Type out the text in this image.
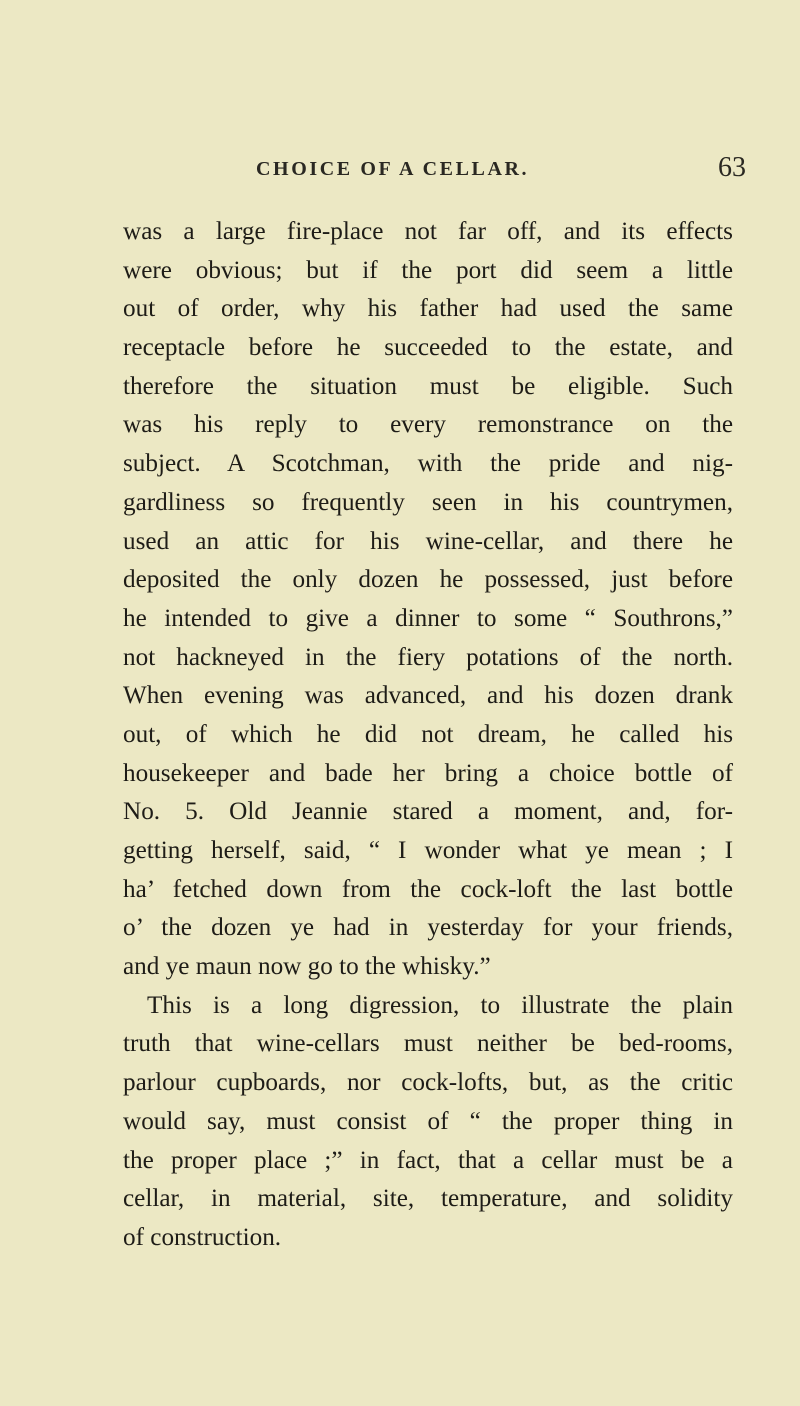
CHOICE OF A CELLAR.	63
was a large fire-place not far off, and its effects
were obvious; but if the port did seem a little
out of order, why his father had used the same
receptacle before he succeeded to the estate, and
therefore the situation must be eligible. Such
was his reply to every remonstrance on the
subject. A Scotchman, with the pride and nig-
gardliness so frequently seen in his countrymen,
used an attic for his wine-cellar, and there he
deposited the only dozen he possessed, just before
he intended to give a dinner to some “ Southrons,”
not hackneyed in the fiery potations of the north.
When evening was advanced, and his dozen drank
out, of which he did not dream, he called his
housekeeper and bade her bring a choice bottle of
No. 5. Old Jeannie stared a moment, and, for-
getting herself, said, “ I wonder what ye mean ; I
ha’ fetched down from the cock-loft the last bottle
o’ the dozen ye had in yesterday for your friends,
and ye maun now go to the whisky.”
This is a long digression, to illustrate the plain
truth that wine-cellars must neither be bed-rooms,
parlour cupboards, nor cock-lofts, but, as the critic
would say, must consist of “ the proper thing in
the proper place ;” in fact, that a cellar must be a
cellar, in material, site, temperature, and solidity
of construction.
